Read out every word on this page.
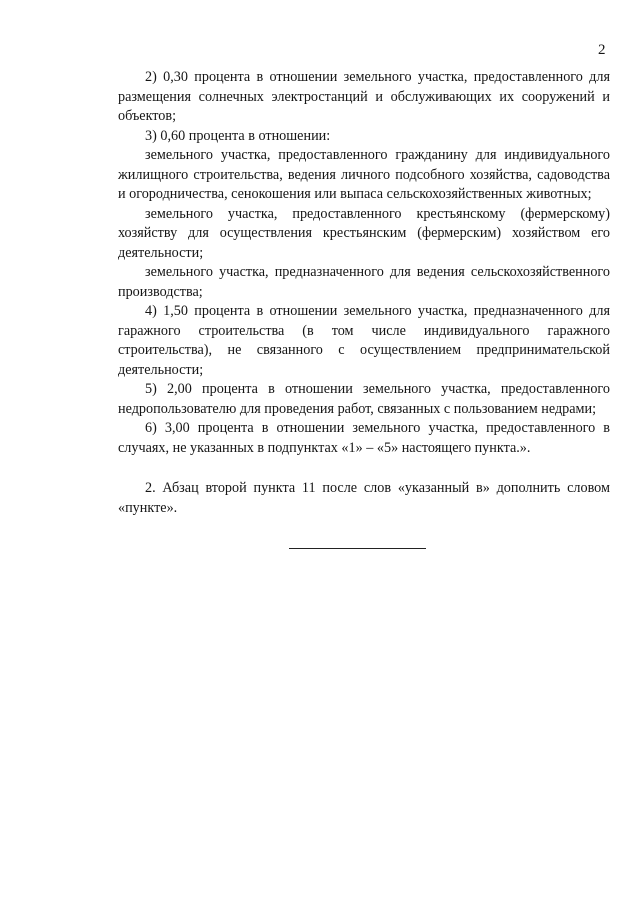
2

2) 0,30 процента в отношении земельного участка, предоставленного для размещения солнечных электростанций и обслуживающих их сооружений и объектов;

3) 0,60 процента в отношении:

земельного участка, предоставленного гражданину для индивидуального жилищного строительства, ведения личного подсобного хозяйства, садоводства и огородничества, сенокошения или выпаса сельскохозяйственных животных;

земельного участка, предоставленного крестьянскому (фермерскому) хозяйству для осуществления крестьянским (фермерским) хозяйством его деятельности;

земельного участка, предназначенного для ведения сельскохозяйственного производства;

4) 1,50 процента в отношении земельного участка, предназначенного для гаражного строительства (в том числе индивидуального гаражного строительства), не связанного с осуществлением предпринимательской деятельности;

5) 2,00 процента в отношении земельного участка, предоставленного недропользователю для проведения работ, связанных с пользованием недрами;

6) 3,00 процента в отношении земельного участка, предоставленного в случаях, не указанных в подпунктах «1» – «5» настоящего пункта.».

2. Абзац второй пункта 11 после слов «указанный в» дополнить словом «пункте».
